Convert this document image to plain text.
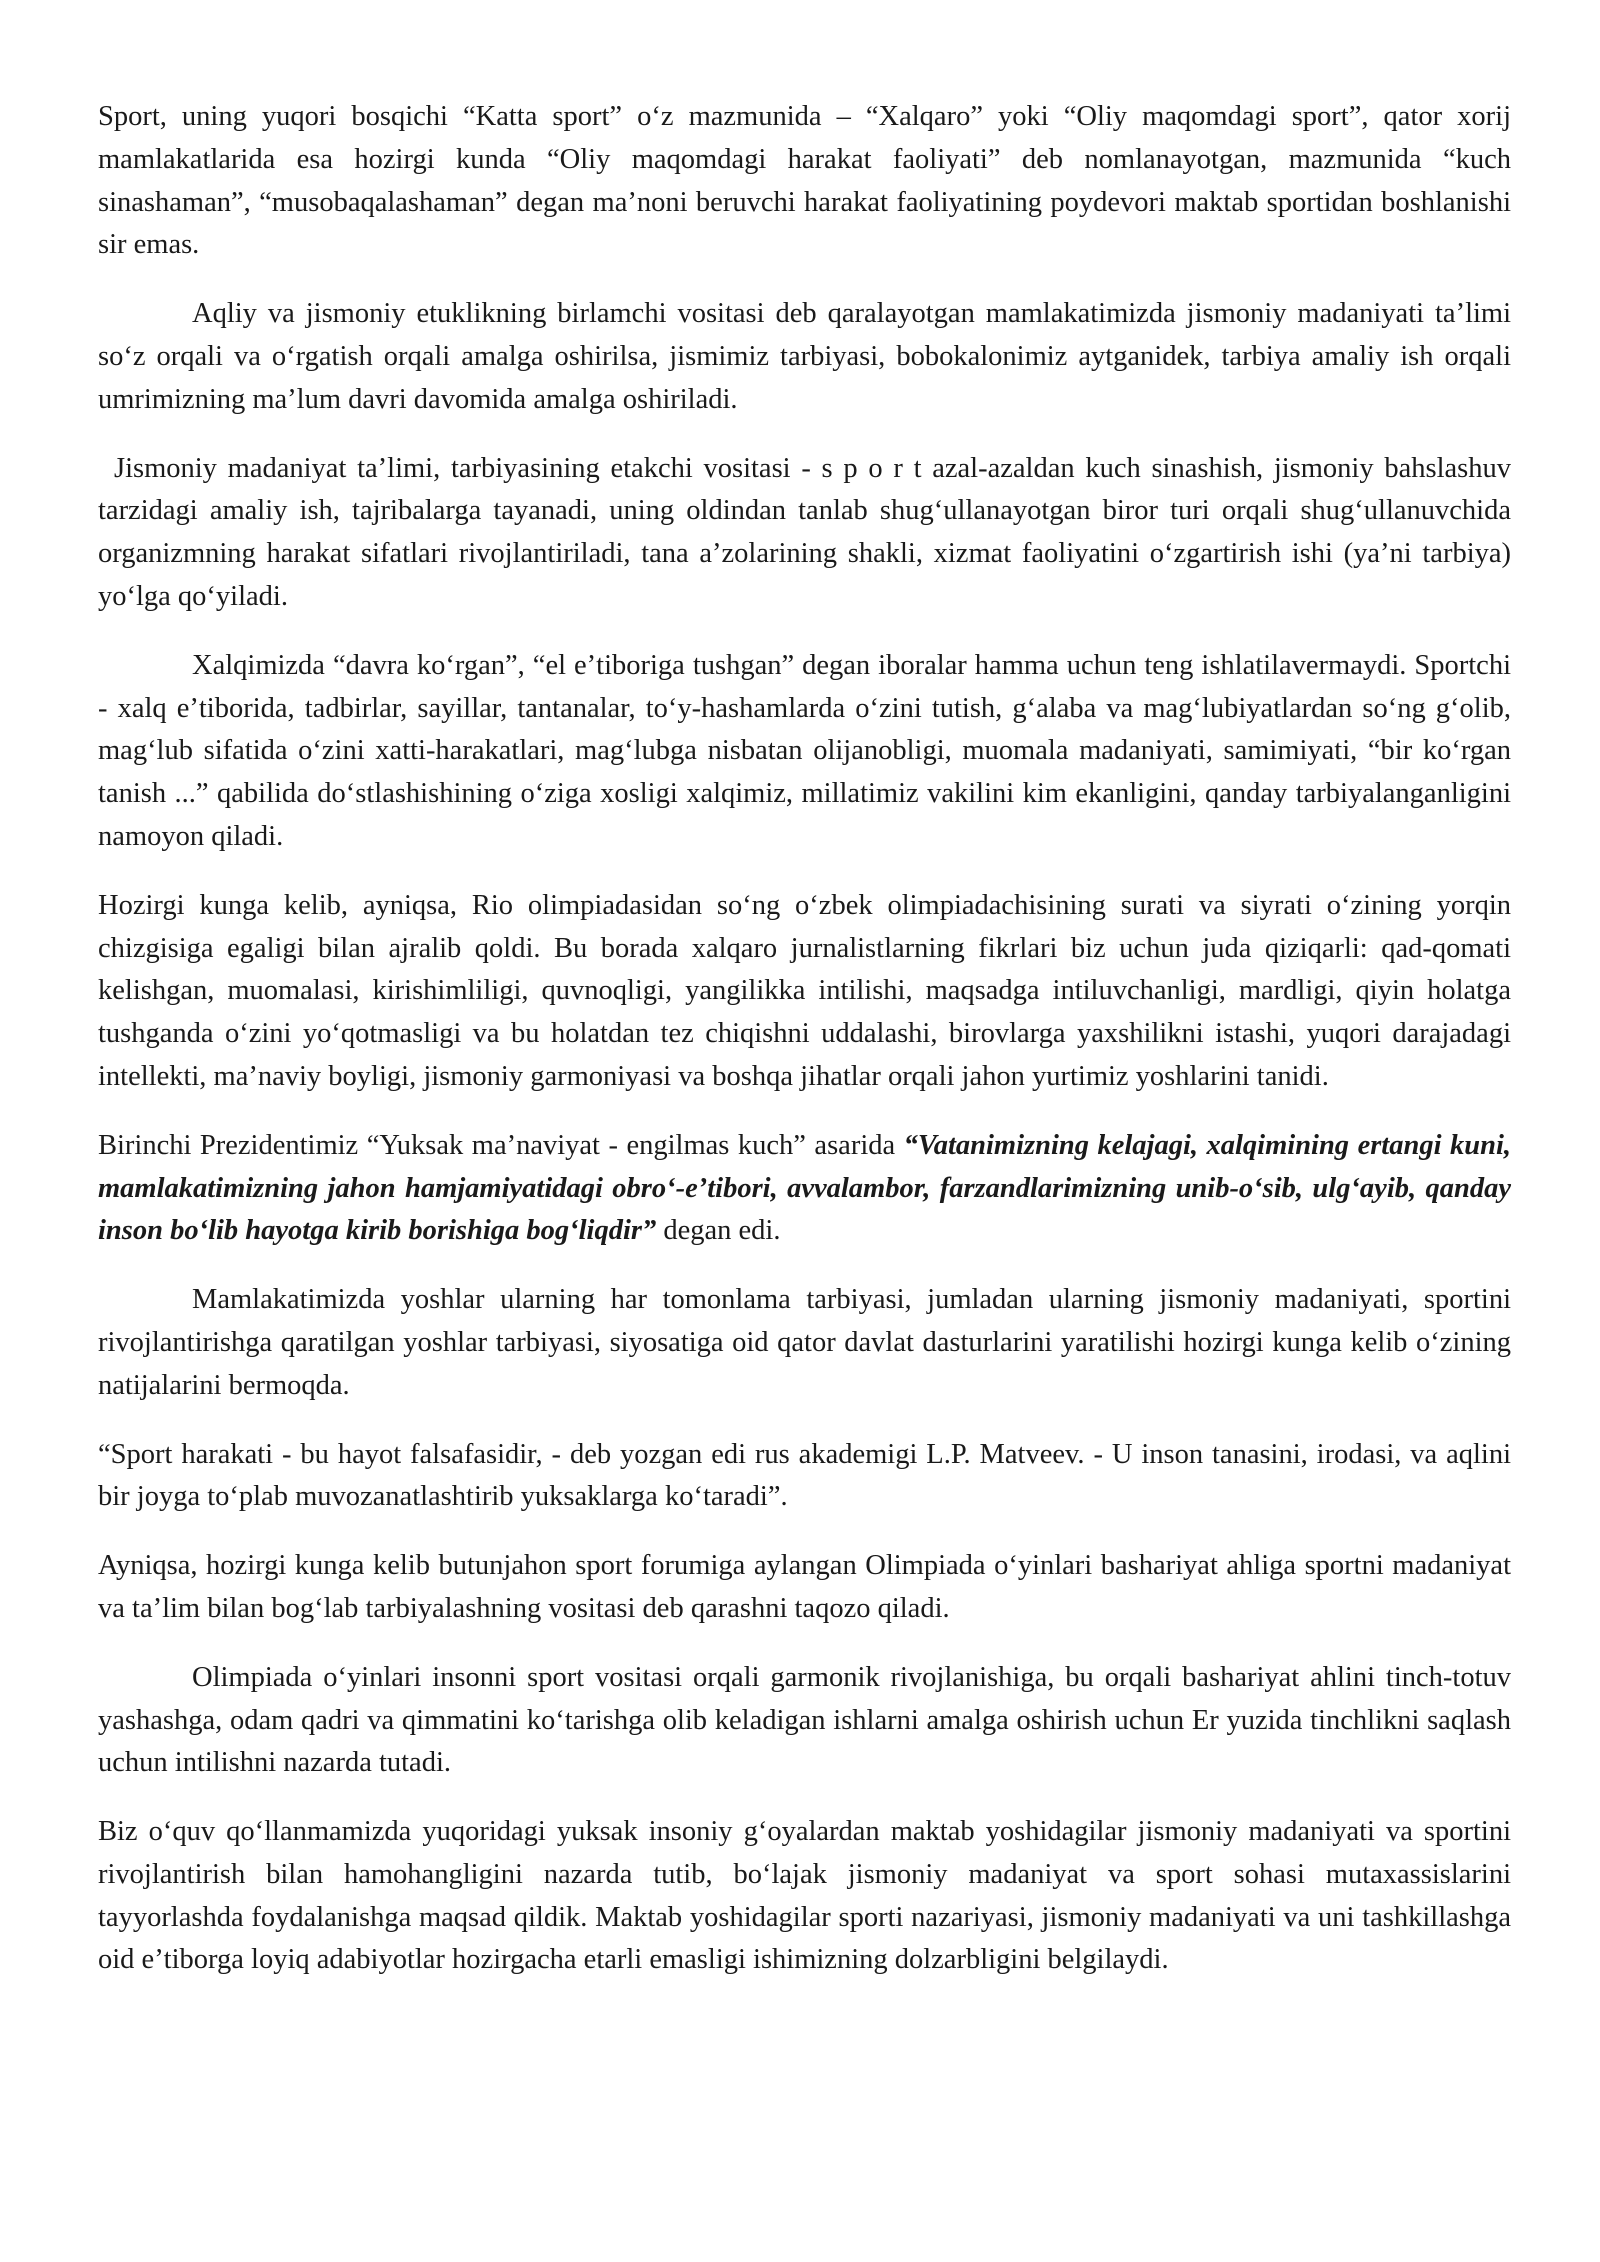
Sport, uning yuqori bosqichi “Katta sport” oʻz mazmunida – “Xalqaro” yoki “Oliy maqomdagi sport”, qator xorij mamlakatlarida esa hozirgi kunda “Oliy maqomdagi harakat faoliyati” deb nomlanayotgan, mazmunida “kuch sinashaman”, “musobaqalashaman” degan maʼnoni beruvchi harakat faoliyatining poydevori maktab sportidan boshlanishi sir emas.

Aqliy va jismoniy etuklikning birlamchi vositasi deb qaralayotgan mamlakatimizda jismoniy madaniyati taʼlimi soʻz orqali va oʻrgatish orqali amalga oshirilsa, jismimiz tarbiyasi, bobokalonimiz aytganidek, tarbiya amaliy ish orqali umrimizning maʼlum davri davomida amalga oshiriladi.

Jismoniy madaniyat taʼlimi, tarbiyasining etakchi vositasi - s p o r t azal-azaldan kuch sinashish, jismoniy bahslashuv tarzidagi amaliy ish, tajribalarga tayanadi, uning oldindan tanlab shugʻullanayotgan biror turi orqali shugʻullanuvchida organizmning harakat sifatlari rivojlantiriladi, tana aʼzolarining shakli, xizmat faoliyatini oʻzgartirish ishi (yaʼni tarbiya) yoʻlga qoʻyiladi.

Xalqimizda “davra koʻrgan”, “el eʼtiboriga tushgan” degan iboralar hamma uchun teng ishlatilavermaydi. Sportchi - xalq eʼtiborida, tadbirlar, sayillar, tantanalar, toʻy-hashamlarda oʻzini tutish, gʻalaba va magʻlubiyatlardan soʻng gʻolib, magʻlub sifatida oʻzini xatti-harakatlari, magʻlubga nisbatan olijanobligi, muomala madaniyati, samimiyati, “bir koʻrgan tanish ...” qabilida doʻstlashishining oʻziga xosligi xalqimiz, millatimiz vakilini kim ekanligini, qanday tarbiyalanganligini namoyon qiladi.

Hozirgi kunga kelib, ayniqsa, Rio olimpiadasidan soʻng oʻzbek olimpiadachisining surati va siyrati oʻzining yorqin chizgisiga egaligi bilan ajralib qoldi. Bu borada xalqaro jurnalistlarning fikrlari biz uchun juda qiziqarli: qad-qomati kelishgan, muomalasi, kirishimliligi, quvnoqligi, yangilikka intilishi, maqsadga intiluvchanligi, mardligi, qiyin holatga tushganda oʻzini yoʻqotmasligi va bu holatdan tez chiqishni uddalashi, birovlarga yaxshilikni istashi, yuqori darajadagi intellekti, maʼnaviy boyligi, jismoniy garmoniyasi va boshqa jihatlar orqali jahon yurtimiz yoshlarini tanidi.

Birinchi Prezidentimiz “Yuksak maʼnaviyat - engilmas kuch” asarida “Vatanimizning kelajagi, xalqimining ertangi kuni, mamlakatimizning jahon hamjamiyatidagi obroʻ-eʼtibori, avvalambor, farzandlarimizning unib-oʻsib, ulgʻayib, qanday inson boʻlib hayotga kirib borishiga bogʻliqdir” degan edi.

Mamlakatimizda yoshlar ularning har tomonlama tarbiyasi, jumladan ularning jismoniy madaniyati, sportini rivojlantirishga qaratilgan yoshlar tarbiyasi, siyosatiga oid qator davlat dasturlarini yaratilishi hozirgi kunga kelib oʻzining natijalarini bermoqda.

“Sport harakati - bu hayot falsafasidir, - deb yozgan edi rus akademigi L.P. Matveev. - U inson tanasini, irodasi, va aqlini bir joyga toʻplab muvozanatlashtirib yuksaklarga koʻtaradi”.

Ayniqsa, hozirgi kunga kelib butunjahon sport forumiga aylangan Olimpiada oʻyinlari bashariyat ahliga sportni madaniyat va taʼlim bilan bogʻlab tarbiyalashning vositasi deb qarashni taqozo qiladi.

Olimpiada oʻyinlari insonni sport vositasi orqali garmonik rivojlanishiga, bu orqali bashariyat ahlini tinch-totuv yashashga, odam qadri va qimmatini koʻtarishga olib keladigan ishlarni amalga oshirish uchun Er yuzida tinchlikni saqlash uchun intilishni nazarda tutadi.

Biz oʻquv qoʻllanmamizda yuqoridagi yuksak insoniy gʻoyalardan maktab yoshidagilar jismoniy madaniyati va sportini rivojlantirish bilan hamohangligini nazarda tutib, boʻlajak jismoniy madaniyat va sport sohasi mutaxassislarini tayyorlashda foydalanishga maqsad qildik. Maktab yoshidagilar sporti nazariyasi, jismoniy madaniyati va uni tashkillashga oid eʼtiborga loyiq adabiyotlar hozirgacha etarli emasligi ishimizning dolzarbligini belgilaydi.
